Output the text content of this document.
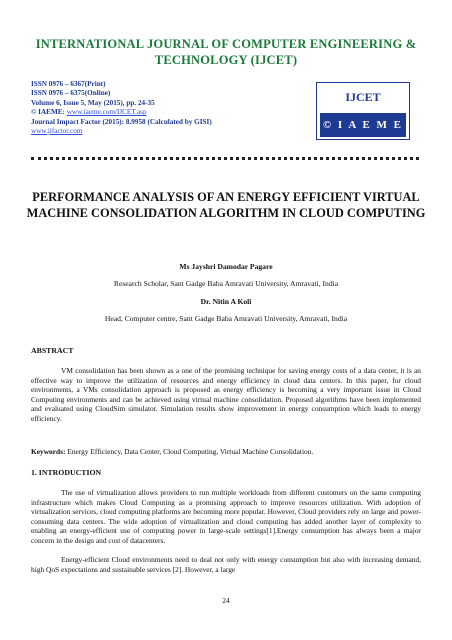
INTERNATIONAL JOURNAL OF COMPUTER ENGINEERING & TECHNOLOGY (IJCET)
ISSN 0976 – 6367(Print)
ISSN 0976 – 6375(Online)
Volume 6, Issue 5, May (2015), pp. 24-35
© IAEME: www.iaeme.com/IJCET.asp
Journal Impact Factor (2015): 8.9958 (Calculated by GISI)
www.jifactor.com
IJCET
© I A E M E
PERFORMANCE ANALYSIS OF AN ENERGY EFFICIENT VIRTUAL MACHINE CONSOLIDATION ALGORITHM IN CLOUD COMPUTING
Ms Jayshri Damodar Pagare
Research Scholar, Sant Gadge Baba Amravati University, Amravati, India
Dr. Nitin A Koli
Head, Computer centre, Sant Gadge Baba Amravati University, Amravati, India
ABSTRACT
VM consolidation has been shown as a one of the promising technique for saving energy costs of a data center, it is an effective way to improve the utilization of resources and energy efficiency in cloud data centers. In this paper, for cloud environments, a VMs consolidation approach is proposed as energy efficiency is becoming a very important issue in Cloud Computing environments and can be achieved using virtual machine consolidation. Proposed algorithms have been implemented and evaluated using CloudSim simulator. Simulation results show improvement in energy consumption which leads to energy efficiency.
Keywords: Energy Efficiency, Data Center, Cloud Computing, Virtual Machine Consolidation.
1. INTRODUCTION
The use of virtualization allows providers to run multiple workloads from different customers on the same computing infrastructure which makes Cloud Computing as a promising approach to improve resources utilization. With adoption of virtualization services, cloud computing platforms are becoming more popular. However, Cloud providers rely on large and power-consuming data centers. The wide adoption of virtualization and cloud computing has added another layer of complexity to enabling an energy-efficient use of computing power in large-scale settings[1].Energy consumption has always been a major concern in the design and cost of datacenters.
Energy-efficient Cloud environments need to deal not only with energy consumption but also with increasing demand, high QoS expectations and sustainable services [2]. However, a large
24
